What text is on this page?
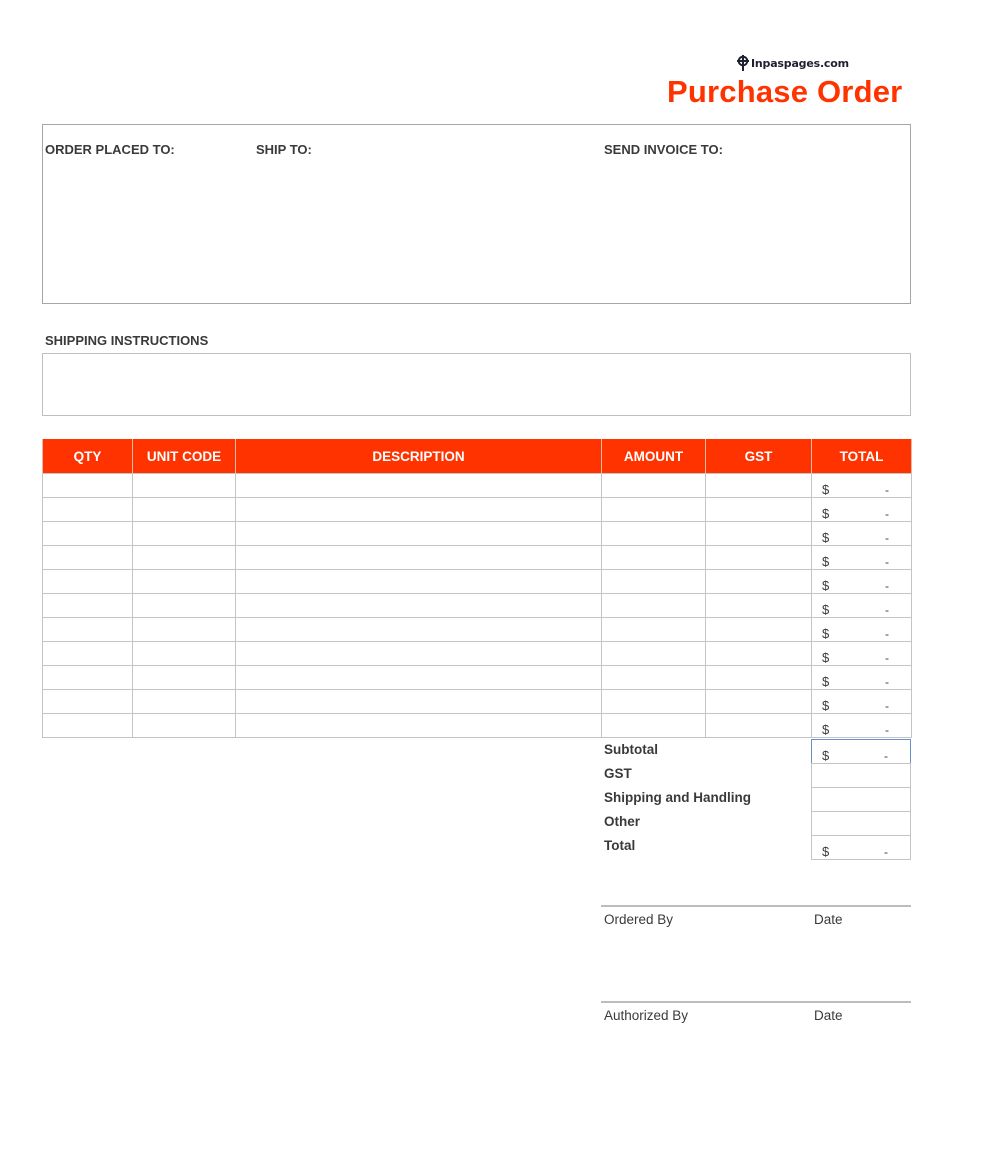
Inpaspages.com
Purchase Order
ORDER PLACED TO:	SHIP TO:	SEND INVOICE TO:
SHIPPING INSTRUCTIONS
QTY	UNIT CODE	DESCRIPTION	AMOUNT	GST	TOTAL

					$ -

					$ -

					$ -

					$ -

					$ -

					$ -

					$ -

					$ -

					$ -

					$ -

					$ -
Subtotal	$	-
GST
Shipping and Handling
Other
Total	$	-
Ordered By	Date
Authorized By	Date
